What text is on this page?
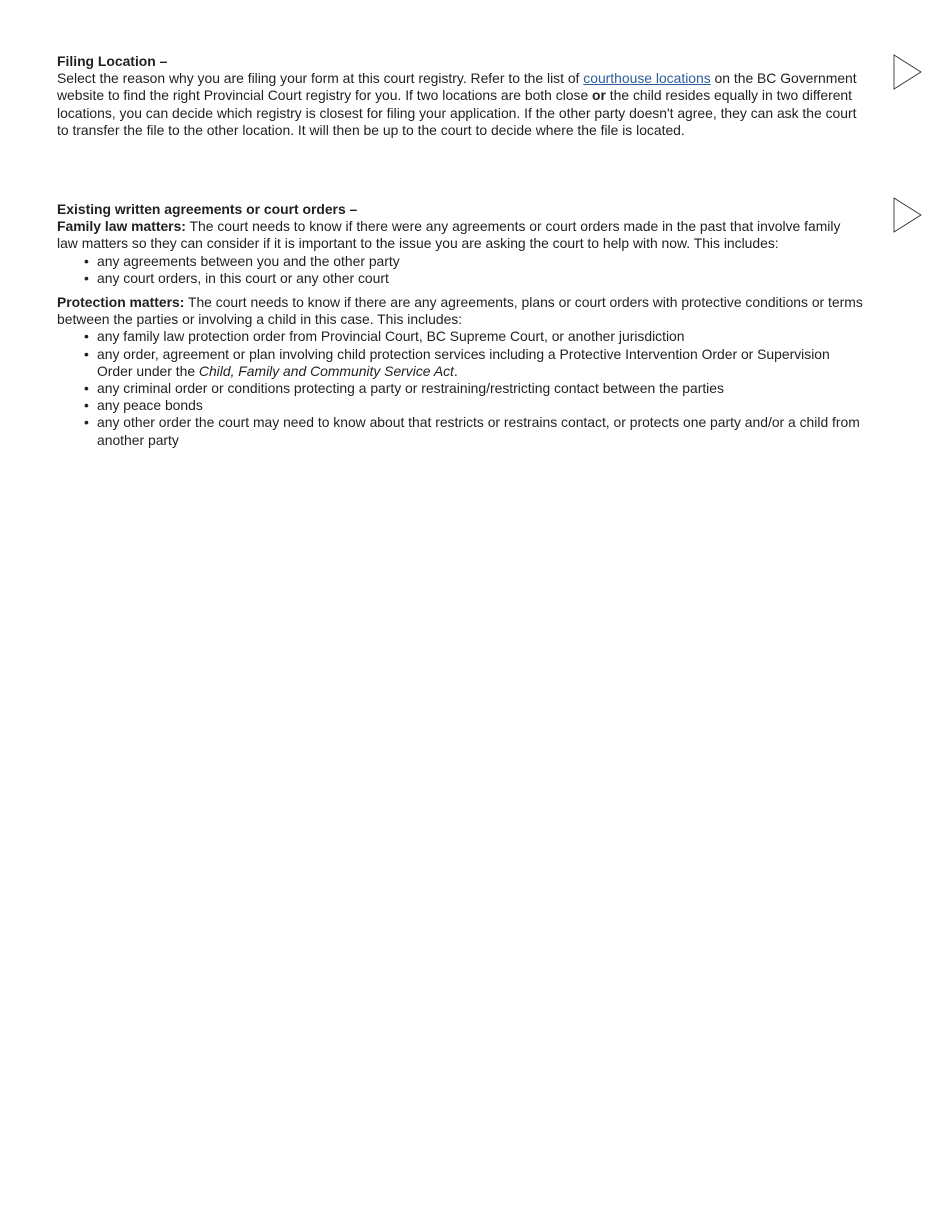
Filing Location –

Select the reason why you are filing your form at this court registry. Refer to the list of courthouse locations on the BC Government website to find the right Provincial Court registry for you. If two locations are both close or the child resides equally in two different locations, you can decide which registry is closest for filing your application. If the other party doesn't agree, they can ask the court to transfer the file to the other location. It will then be up to the court to decide where the file is located.

Existing written agreements or court orders –

Family law matters: The court needs to know if there were any agreements or court orders made in the past that involve family law matters so they can consider if it is important to the issue you are asking the court to help with now. This includes:

• any agreements between you and the other party
• any court orders, in this court or any other court

Protection matters: The court needs to know if there are any agreements, plans or court orders with protective conditions or terms between the parties or involving a child in this case. This includes:

• any family law protection order from Provincial Court, BC Supreme Court, or another jurisdiction
• any order, agreement or plan involving child protection services including a Protective Intervention Order or Supervision Order under the Child, Family and Community Service Act.
• any criminal order or conditions protecting a party or restraining/restricting contact between the parties
• any peace bonds
• any other order the court may need to know about that restricts or restrains contact, or protects one party and/or a child from another party
